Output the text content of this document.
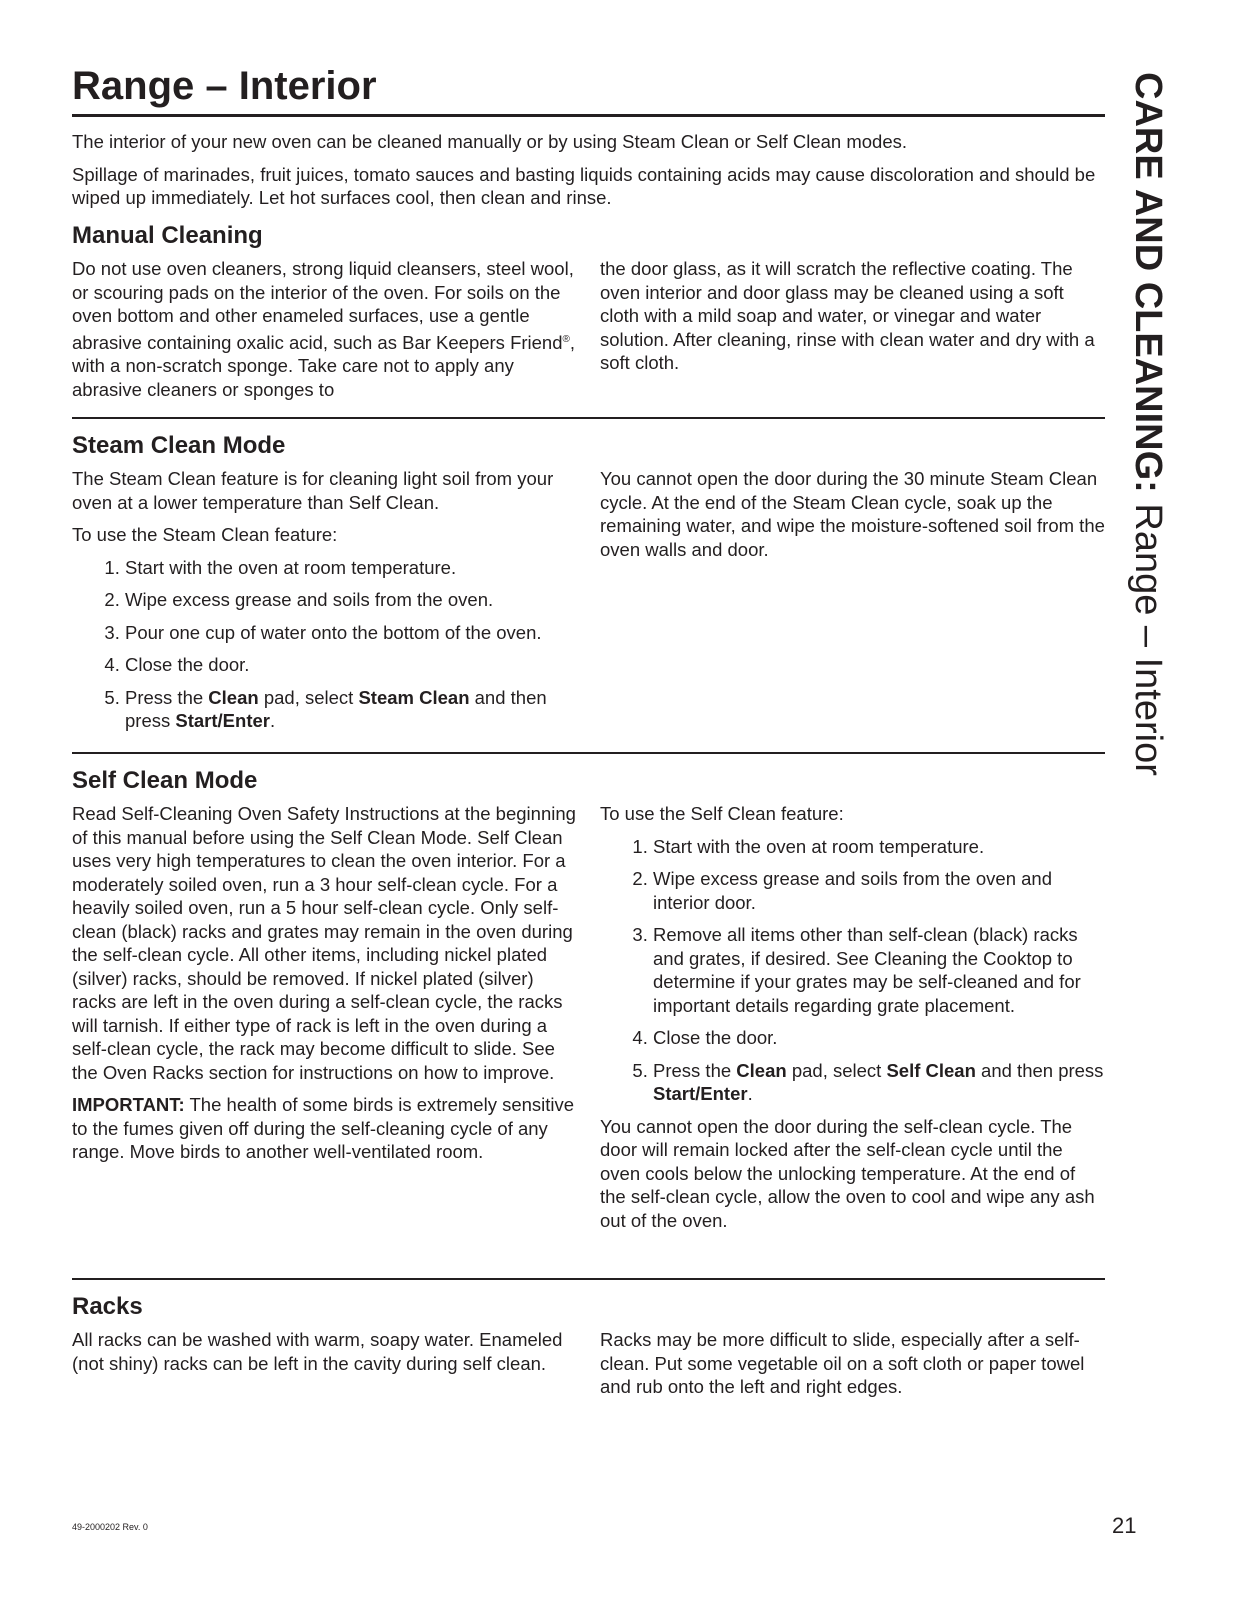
Range – Interior	CARE AND CLEANING: Range – Interior

The interior of your new oven can be cleaned manually or by using Steam Clean or Self Clean modes.

Spillage of marinades, fruit juices, tomato sauces and basting liquids containing acids may cause discoloration and should be wiped up immediately. Let hot surfaces cool, then clean and rinse.

Manual Cleaning

Do not use oven cleaners, strong liquid cleansers, steel wool, or scouring pads on the interior of the oven. For soils on the oven bottom and other enameled surfaces, use a gentle abrasive containing oxalic acid, such as Bar Keepers Friend®, with a non-scratch sponge. Take care not to apply any abrasive cleaners or sponges to

the door glass, as it will scratch the reflective coating. The oven interior and door glass may be cleaned using a soft cloth with a mild soap and water, or vinegar and water solution. After cleaning, rinse with clean water and dry with a soft cloth.

Steam Clean Mode

The Steam Clean feature is for cleaning light soil from your oven at a lower temperature than Self Clean.

To use the Steam Clean feature:

1. Start with the oven at room temperature.
2. Wipe excess grease and soils from the oven.
3. Pour one cup of water onto the bottom of the oven.
4. Close the door.
5. Press the Clean pad, select Steam Clean and then press Start/Enter.

You cannot open the door during the 30 minute Steam Clean cycle. At the end of the Steam Clean cycle, soak up the remaining water, and wipe the moisture-softened soil from the oven walls and door.

Self Clean Mode

Read Self-Cleaning Oven Safety Instructions at the beginning of this manual before using the Self Clean Mode. Self Clean uses very high temperatures to clean the oven interior. For a moderately soiled oven, run a 3 hour self-clean cycle. For a heavily soiled oven, run a 5 hour self-clean cycle. Only self-clean (black) racks and grates may remain in the oven during the self-clean cycle. All other items, including nickel plated (silver) racks, should be removed. If nickel plated (silver) racks are left in the oven during a self-clean cycle, the racks will tarnish. If either type of rack is left in the oven during a self-clean cycle, the rack may become difficult to slide. See the Oven Racks section for instructions on how to improve.

IMPORTANT: The health of some birds is extremely sensitive to the fumes given off during the self-cleaning cycle of any range. Move birds to another well-ventilated room.

To use the Self Clean feature:

1. Start with the oven at room temperature.
2. Wipe excess grease and soils from the oven and interior door.
3. Remove all items other than self-clean (black) racks and grates, if desired. See Cleaning the Cooktop to determine if your grates may be self-cleaned and for important details regarding grate placement.
4. Close the door.
5. Press the Clean pad, select Self Clean and then press Start/Enter.

You cannot open the door during the self-clean cycle. The door will remain locked after the self-clean cycle until the oven cools below the unlocking temperature. At the end of the self-clean cycle, allow the oven to cool and wipe any ash out of the oven.

Racks

All racks can be washed with warm, soapy water. Enameled (not shiny) racks can be left in the cavity during self clean.

Racks may be more difficult to slide, especially after a self-clean. Put some vegetable oil on a soft cloth or paper towel and rub onto the left and right edges.

49-2000202 Rev. 0	21
